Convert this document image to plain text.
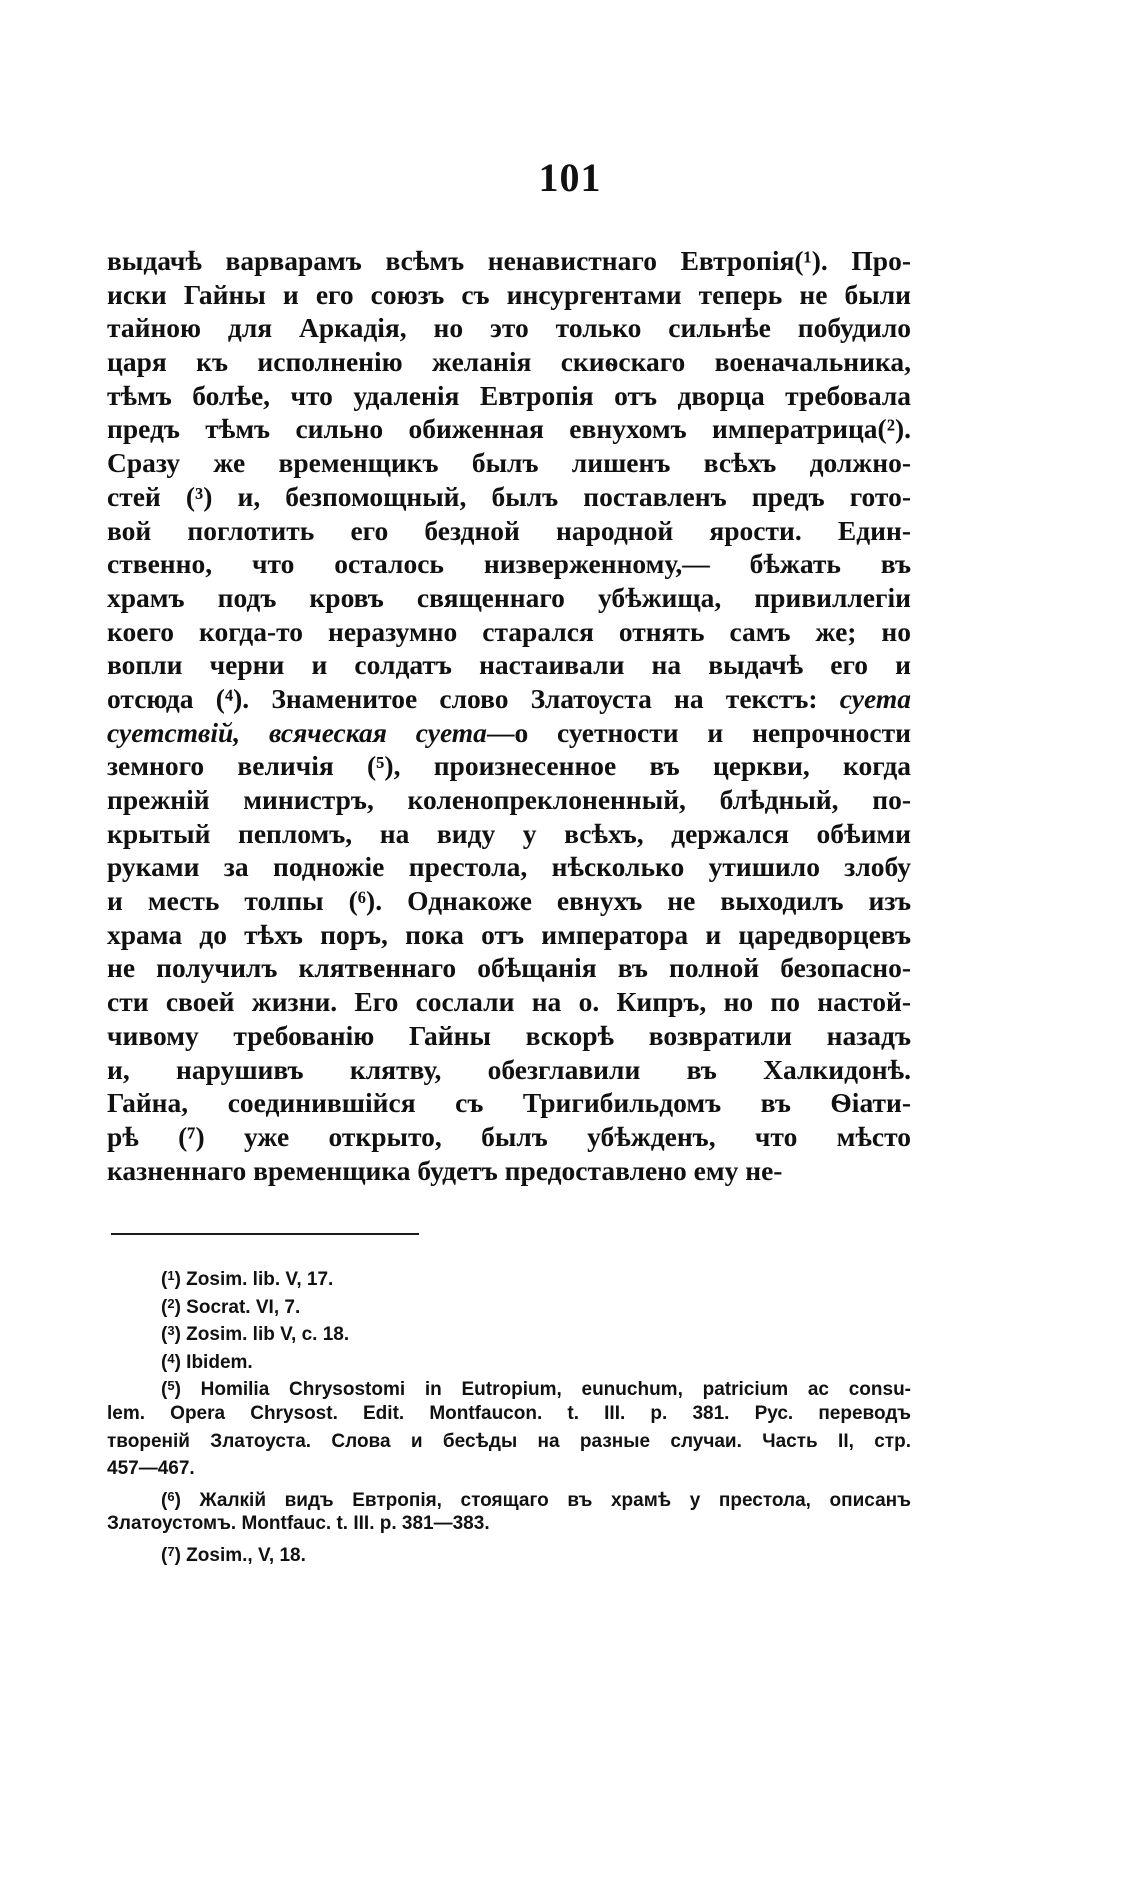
101
выдачѣ варварамъ всѣмъ ненавистнаго Евтропія(¹). Про-
иски Гайны и его союзъ съ инсургентами теперь не были
тайною для Аркадія, но это только сильнѣе побудило
царя къ исполненію желанія скиѳскаго военачальника,
тѣмъ болѣе, что удаленія Евтропія отъ дворца требовала
предъ тѣмъ сильно обиженная евнухомъ императрица(²).
Сразу же временщикъ былъ лишенъ всѣхъ должно-
стей (³) и, безпомощный, былъ поставленъ предъ гото-
вой поглотить его бездной народной ярости. Един-
ственно, что осталось низверженному,— бѣжать въ
храмъ подъ кровъ священнаго убѣжища, привиллегіи
коего когда-то неразумно старался отнять самъ же; но
вопли черни и солдатъ настаивали на выдачѣ его и
отсюда (⁴). Знаменитое слово Златоуста на текстъ: суета
суетствій, всяческая суета—о суетности и непрочности
земного величія (⁵), произнесенное въ церкви, когда
прежній министръ, коленопреклоненный, блѣдный, по-
крытый пепломъ, на виду у всѣхъ, держался обѣими
руками за подножіе престола, нѣсколько утишило злобу
и месть толпы (⁶). Однакоже евнухъ не выходилъ изъ
храма до тѣхъ поръ, пока отъ императора и царедворцевъ
не получилъ клятвеннаго обѣщанія въ полной безопасно-
сти своей жизни. Его сослали на о. Кипръ, но по настой-
чивому требованію Гайны вскорѣ возвратили назадъ
и, нарушивъ клятву, обезглавили въ Халкидонѣ.
Гайна, соединившійся съ Тригибильдомъ въ Ѳіати-
рѣ (⁷) уже открыто, былъ убѣжденъ, что мѣсто
казненнаго временщика будетъ предоставлено ему не-
($^1$) Zosim. lib. V, 17.
($^2$) Socrat. VI, 7.
($^3$) Zosim. lib V, c. 18.
($^4$) Ibidem.
($^5$) Homilia Chrysostomi in Eutropium, eunuchum, patricium ac consu-
lem. Opera Chrysost. Edit. Montfaucon. t. III. p. 381. Рус. переводъ
твореній Златоуста. Слова и бесѣды на разные случаи. Часть II, стр.
457—467.
($^6$) Жалкій видъ Евтропія, стоящаго въ храмѣ у престола, описанъ
Златоустомъ. Montfauc. t. III. p. 381—383.
($^7$) Zosim., V, 18.
